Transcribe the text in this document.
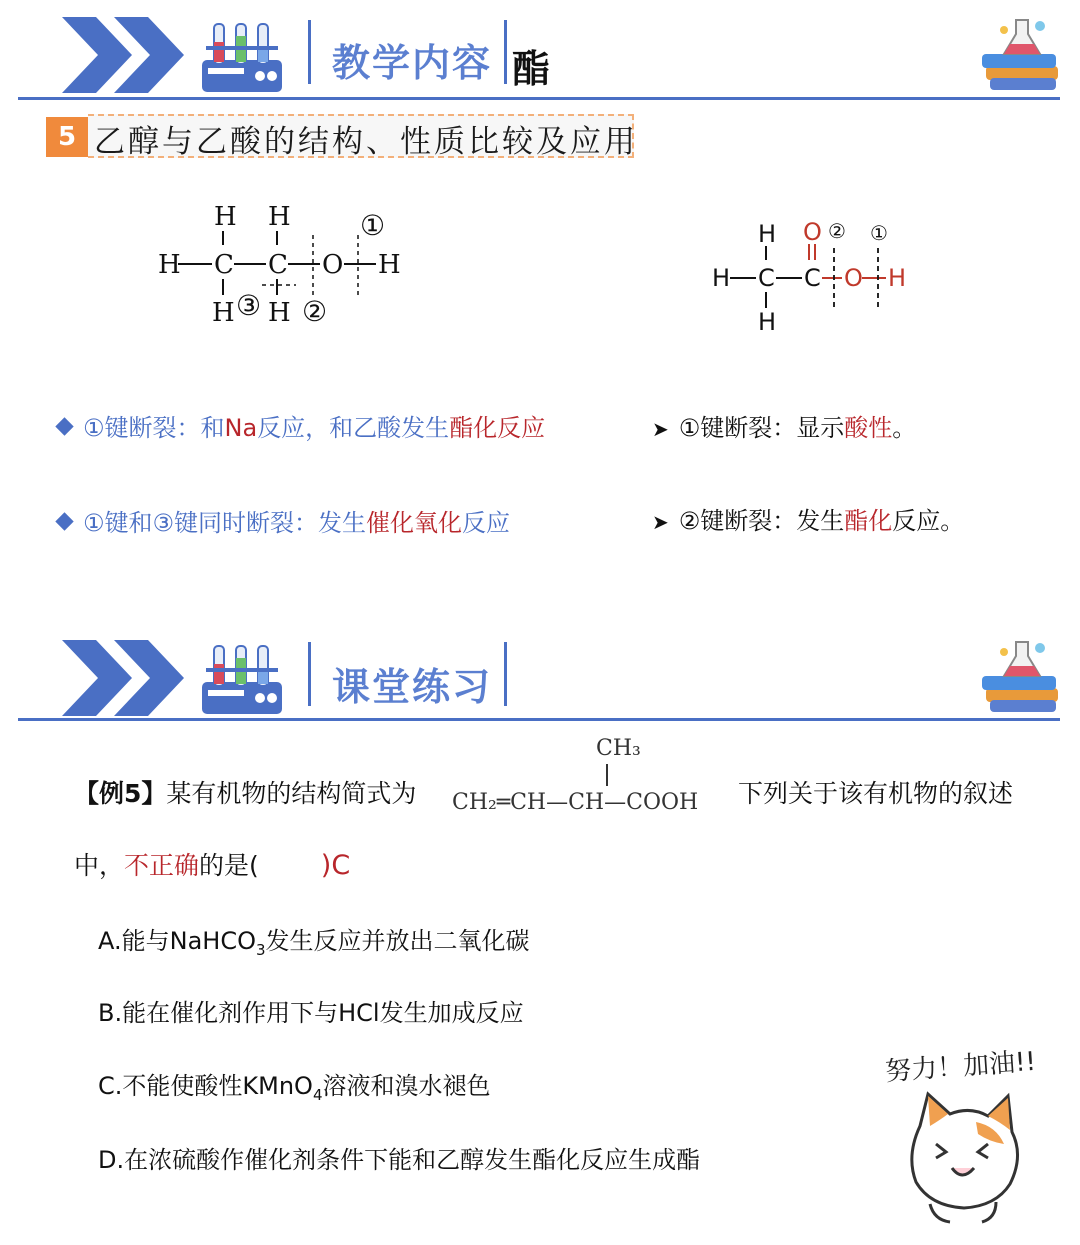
教学内容 酯
5 乙醇与乙酸的结构、性质比较及应用
H H
H C C O H
H H
①
②
③
H
H C C
O
O H
H
② ①
①键断裂：和Na反应，和乙酸发生酯化反应
①键和③键同时断裂：发生催化氧化反应
➤ ①键断裂：显示酸性。
➤ ②键断裂：发生酯化反应。
课堂练习
【例5】某有机物的结构简式为
CH₃
CH₂═CH—CH—COOH 下列关于该有机物的叙述
中，不正确的是( )C
A.能与NaHCO$_3$发生反应并放出二氧化碳
B.能在催化剂作用下与HCl发生加成反应
C.不能使酸性KMnO$_4$溶液和溴水褪色
D.在浓硫酸作催化剂条件下能和乙醇发生酯化反应生成酯
努力！加油!!
